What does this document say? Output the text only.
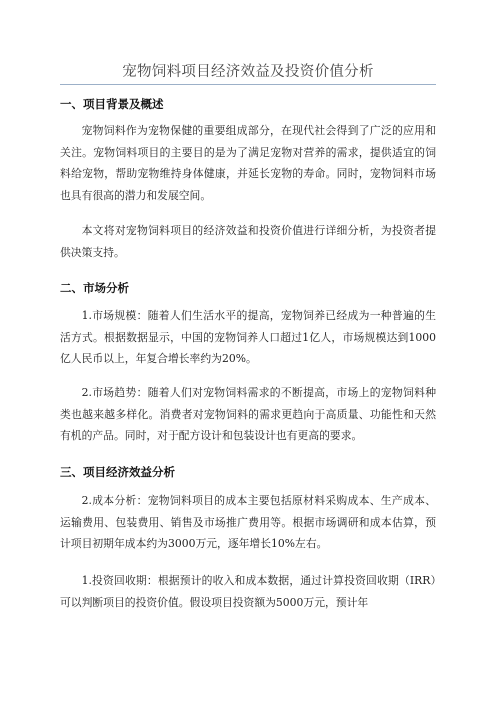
宠物饲料项目经济效益及投资价值分析
一、项目背景及概述

宠物饲料作为宠物保健的重要组成部分，在现代社会得到了广泛的应用和关注。宠物饲料项目的主要目的是为了满足宠物对营养的需求，提供适宜的饲料给宠物，帮助宠物维持身体健康，并延长宠物的寿命。同时，宠物饲料市场也具有很高的潜力和发展空间。

本文将对宠物饲料项目的经济效益和投资价值进行详细分析，为投资者提供决策支持。

二、市场分析

1.市场规模：随着人们生活水平的提高，宠物饲养已经成为一种普遍的生活方式。根据数据显示，中国的宠物饲养人口超过1亿人，市场规模达到1000亿人民币以上，年复合增长率约为20%。

2.市场趋势：随着人们对宠物饲料需求的不断提高，市场上的宠物饲料种类也越来越多样化。消费者对宠物饲料的需求更趋向于高质量、功能性和天然有机的产品。同时，对于配方设计和包装设计也有更高的要求。

三、项目经济效益分析

2.成本分析：宠物饲料项目的成本主要包括原材料采购成本、生产成本、运输费用、包装费用、销售及市场推广费用等。根据市场调研和成本估算，预计项目初期年成本约为3000万元，逐年增长10%左右。

1.投资回收期：根据预计的收入和成本数据，通过计算投资回收期（IRR）可以判断项目的投资价值。假设项目投资额为5000万元，预计年
